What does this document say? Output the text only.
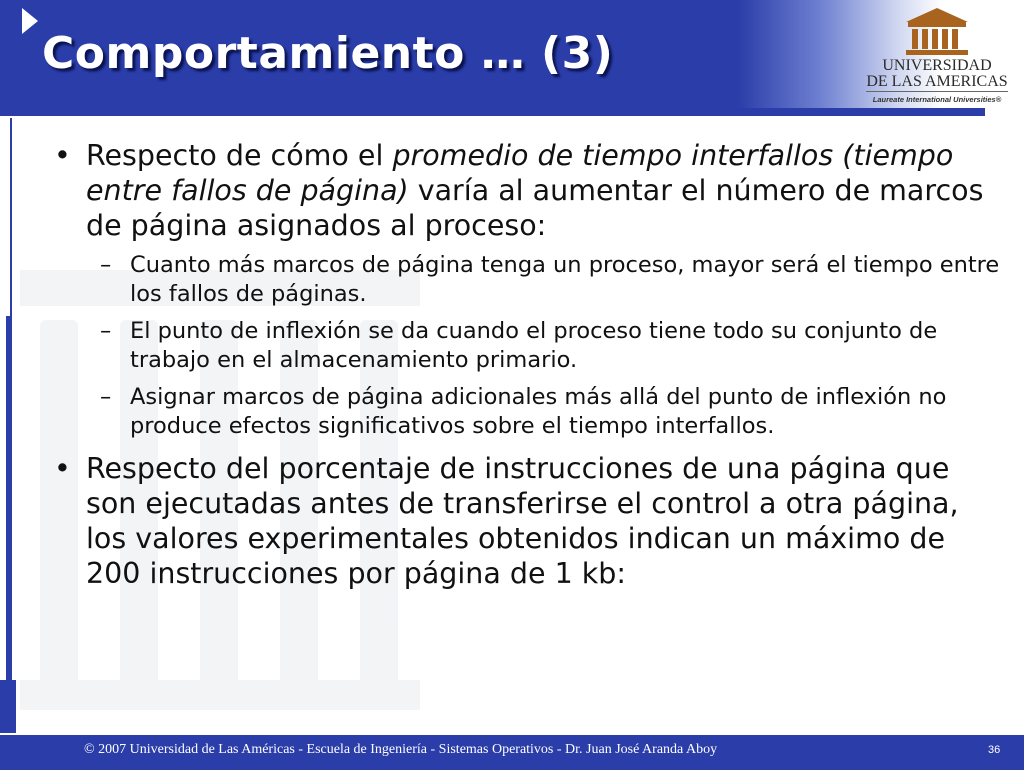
Comportamiento … (3)	UNIVERSIDAD
DE LAS AMERICAS
Laureate International Universities®
• Respecto de cómo el promedio de tiempo interfallos (tiempo entre fallos de página) varía al aumentar el número de marcos de página asignados al proceso:
– Cuanto más marcos de página tenga un proceso, mayor será el tiempo entre los fallos de páginas.
– El punto de inflexión se da cuando el proceso tiene todo su conjunto de trabajo en el almacenamiento primario.
– Asignar marcos de página adicionales más allá del punto de inflexión no produce efectos significativos sobre el tiempo interfallos.
• Respecto del porcentaje de instrucciones de una página que son ejecutadas antes de transferirse el control a otra página, los valores experimentales obtenidos indican un máximo de 200 instrucciones por página de 1 kb:
© 2007 Universidad de Las Américas - Escuela de Ingeniería - Sistemas Operativos - Dr. Juan José Aranda Aboy	36
